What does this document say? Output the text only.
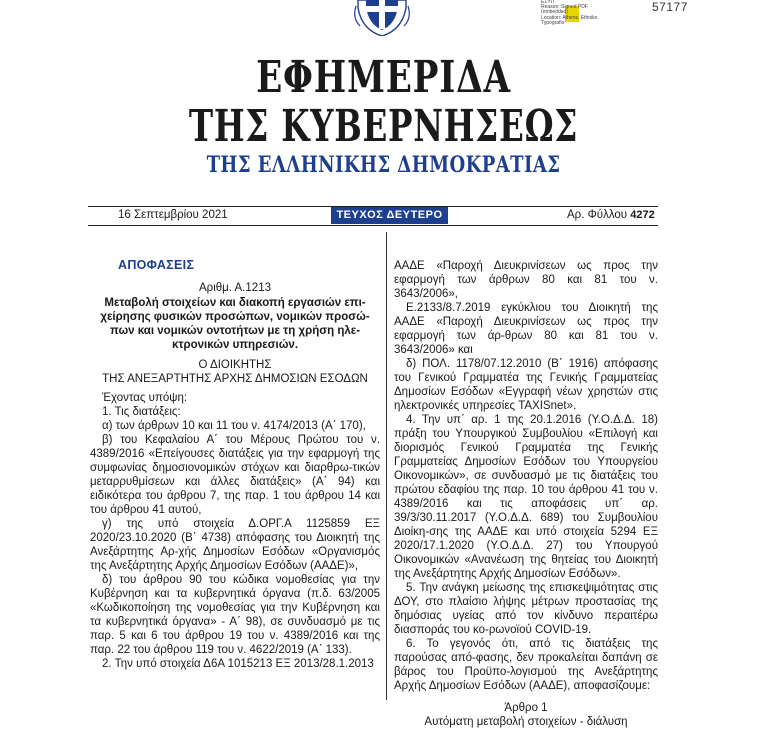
ΕΣΥΠ
Reason: Signed PDF
(embedded)
Location: Athens, Ethniko
Typografio
57177
ΕΦΗΜΕΡΙΔΑ
ΤΗΣ ΚΥΒΕΡΝΗΣΕΩΣ
ΤΗΣ ΕΛΛΗΝΙΚΗΣ ΔΗΜΟΚΡΑΤΙΑΣ
16 Σεπτεμβρίου 2021	ΤΕΥΧΟΣ ΔΕΥΤΕΡΟ	Αρ. Φύλλου 4272
ΑΠΟΦΑΣΕΙΣ

Αριθμ. Α.1213

Μεταβολή στοιχείων και διακοπή εργασιών επι-χείρησης φυσικών προσώπων, νομικών προσώ-πων και νομικών οντοτήτων με τη χρήση ηλε-κτρονικών υπηρεσιών.

Ο ΔΙΟΙΚΗΤΗΣ

ΤΗΣ ΑΝΕΞΑΡΤΗΤΗΣ ΑΡΧΗΣ ΔΗΜΟΣΙΩΝ ΕΣΟΔΩΝ

Έχοντας υπόψη:

1. Τις διατάξεις:

α) των άρθρων 10 και 11 του ν. 4174/2013 (Α΄ 170),

β) του Κεφαλαίου Α΄ του Μέρους Πρώτου του ν. 4389/2016 «Επείγουσες διατάξεις για την εφαρμογή της συμφωνίας δημοσιονομικών στόχων και διαρθρω-τικών μεταρρυθμίσεων και άλλες διατάξεις» (Α΄ 94) και ειδικότερα του άρθρου 7, της παρ. 1 του άρθρου 14 και του άρθρου 41 αυτού,

γ) της υπό στοιχεία Δ.ΟΡΓ.Α 1125859 ΕΞ 2020/23.10.2020 (Β΄ 4738) απόφασης του Διοικητή της Ανεξάρτητης Αρ-χής Δημοσίων Εσόδων «Οργανισμός της Ανεξάρτητης Αρχής Δημοσίων Εσόδων (ΑΑΔΕ)»,

δ) του άρθρου 90 του κώδικα νομοθεσίας για την Κυβέρνηση και τα κυβερνητικά όργανα (π.δ. 63/2005 «Κωδικοποίηση της νομοθεσίας για την Κυβέρνηση και τα κυβερνητικά όργανα» - Α΄ 98), σε συνδυασμό με τις παρ. 5 και 6 του άρθρου 19 του ν. 4389/2016 και της παρ. 22 του άρθρου 119 του ν. 4622/2019 (Α΄ 133).

2. Την υπό στοιχεία Δ6Α 1015213 ΕΞ 2013/28.1.2013

ΑΑΔΕ «Παροχή Διευκρινίσεων ως προς την εφαρμογή των άρθρων 80 και 81 του ν. 3643/2006»,

Ε.2133/8.7.2019 εγκύκλιου του Διοικητή της ΑΑΔΕ «Παροχή Διευκρινίσεων ως προς την εφαρμογή των άρ-θρων 80 και 81 του ν. 3643/2006» και

δ) ΠΟΛ. 1178/07.12.2010 (Β΄ 1916) απόφασης του Γενικού Γραμματέα της Γενικής Γραμματείας Δημοσίων Εσόδων «Εγγραφή νέων χρηστών στις ηλεκτρονικές υπηρεσίες TAXISnet».

4. Την υπ΄ αρ. 1 της 20.1.2016 (Υ.Ο.Δ.Δ. 18) πράξη του Υπουργικού Συμβουλίου «Επιλογή και διορισμός Γενικού Γραμματέα της Γενικής Γραμματείας Δημοσίων Εσόδων του Υπουργείου Οικονομικών», σε συνδυασμό με τις διατάξεις του πρώτου εδαφίου της παρ. 10 του άρθρου 41 του ν. 4389/2016 και τις αποφάσεις υπ΄ αρ. 39/3/30.11.2017 (Υ.Ο.Δ.Δ. 689) του Συμβουλίου Διοίκη-σης της ΑΑΔΕ και υπό στοιχεία 5294 ΕΞ 2020/17.1.2020 (Υ.Ο.Δ.Δ. 27) του Υπουργού Οικονομικών «Ανανέωση της θητείας του Διοικητή της Ανεξάρτητης Αρχής Δημοσίων Εσόδων».

5. Την ανάγκη μείωσης της επισκεψιμότητας στις ΔΟΥ, στο πλαίσιο λήψης μέτρων προστασίας της δημόσιας υγείας από τον κίνδυνο περαιτέρω διασποράς του κο-ρωνοϊού COVID-19.

6. Το γεγονός ότι, από τις διατάξεις της παρούσας από-φασης, δεν προκαλείται δαπάνη σε βάρος του Προϋπο-λογισμού της Ανεξάρτητης Αρχής Δημοσίων Εσόδων (ΑΑΔΕ), αποφασίζουμε:

Άρθρο 1

Αυτόματη μεταβολή στοιχείων - διάλυση
